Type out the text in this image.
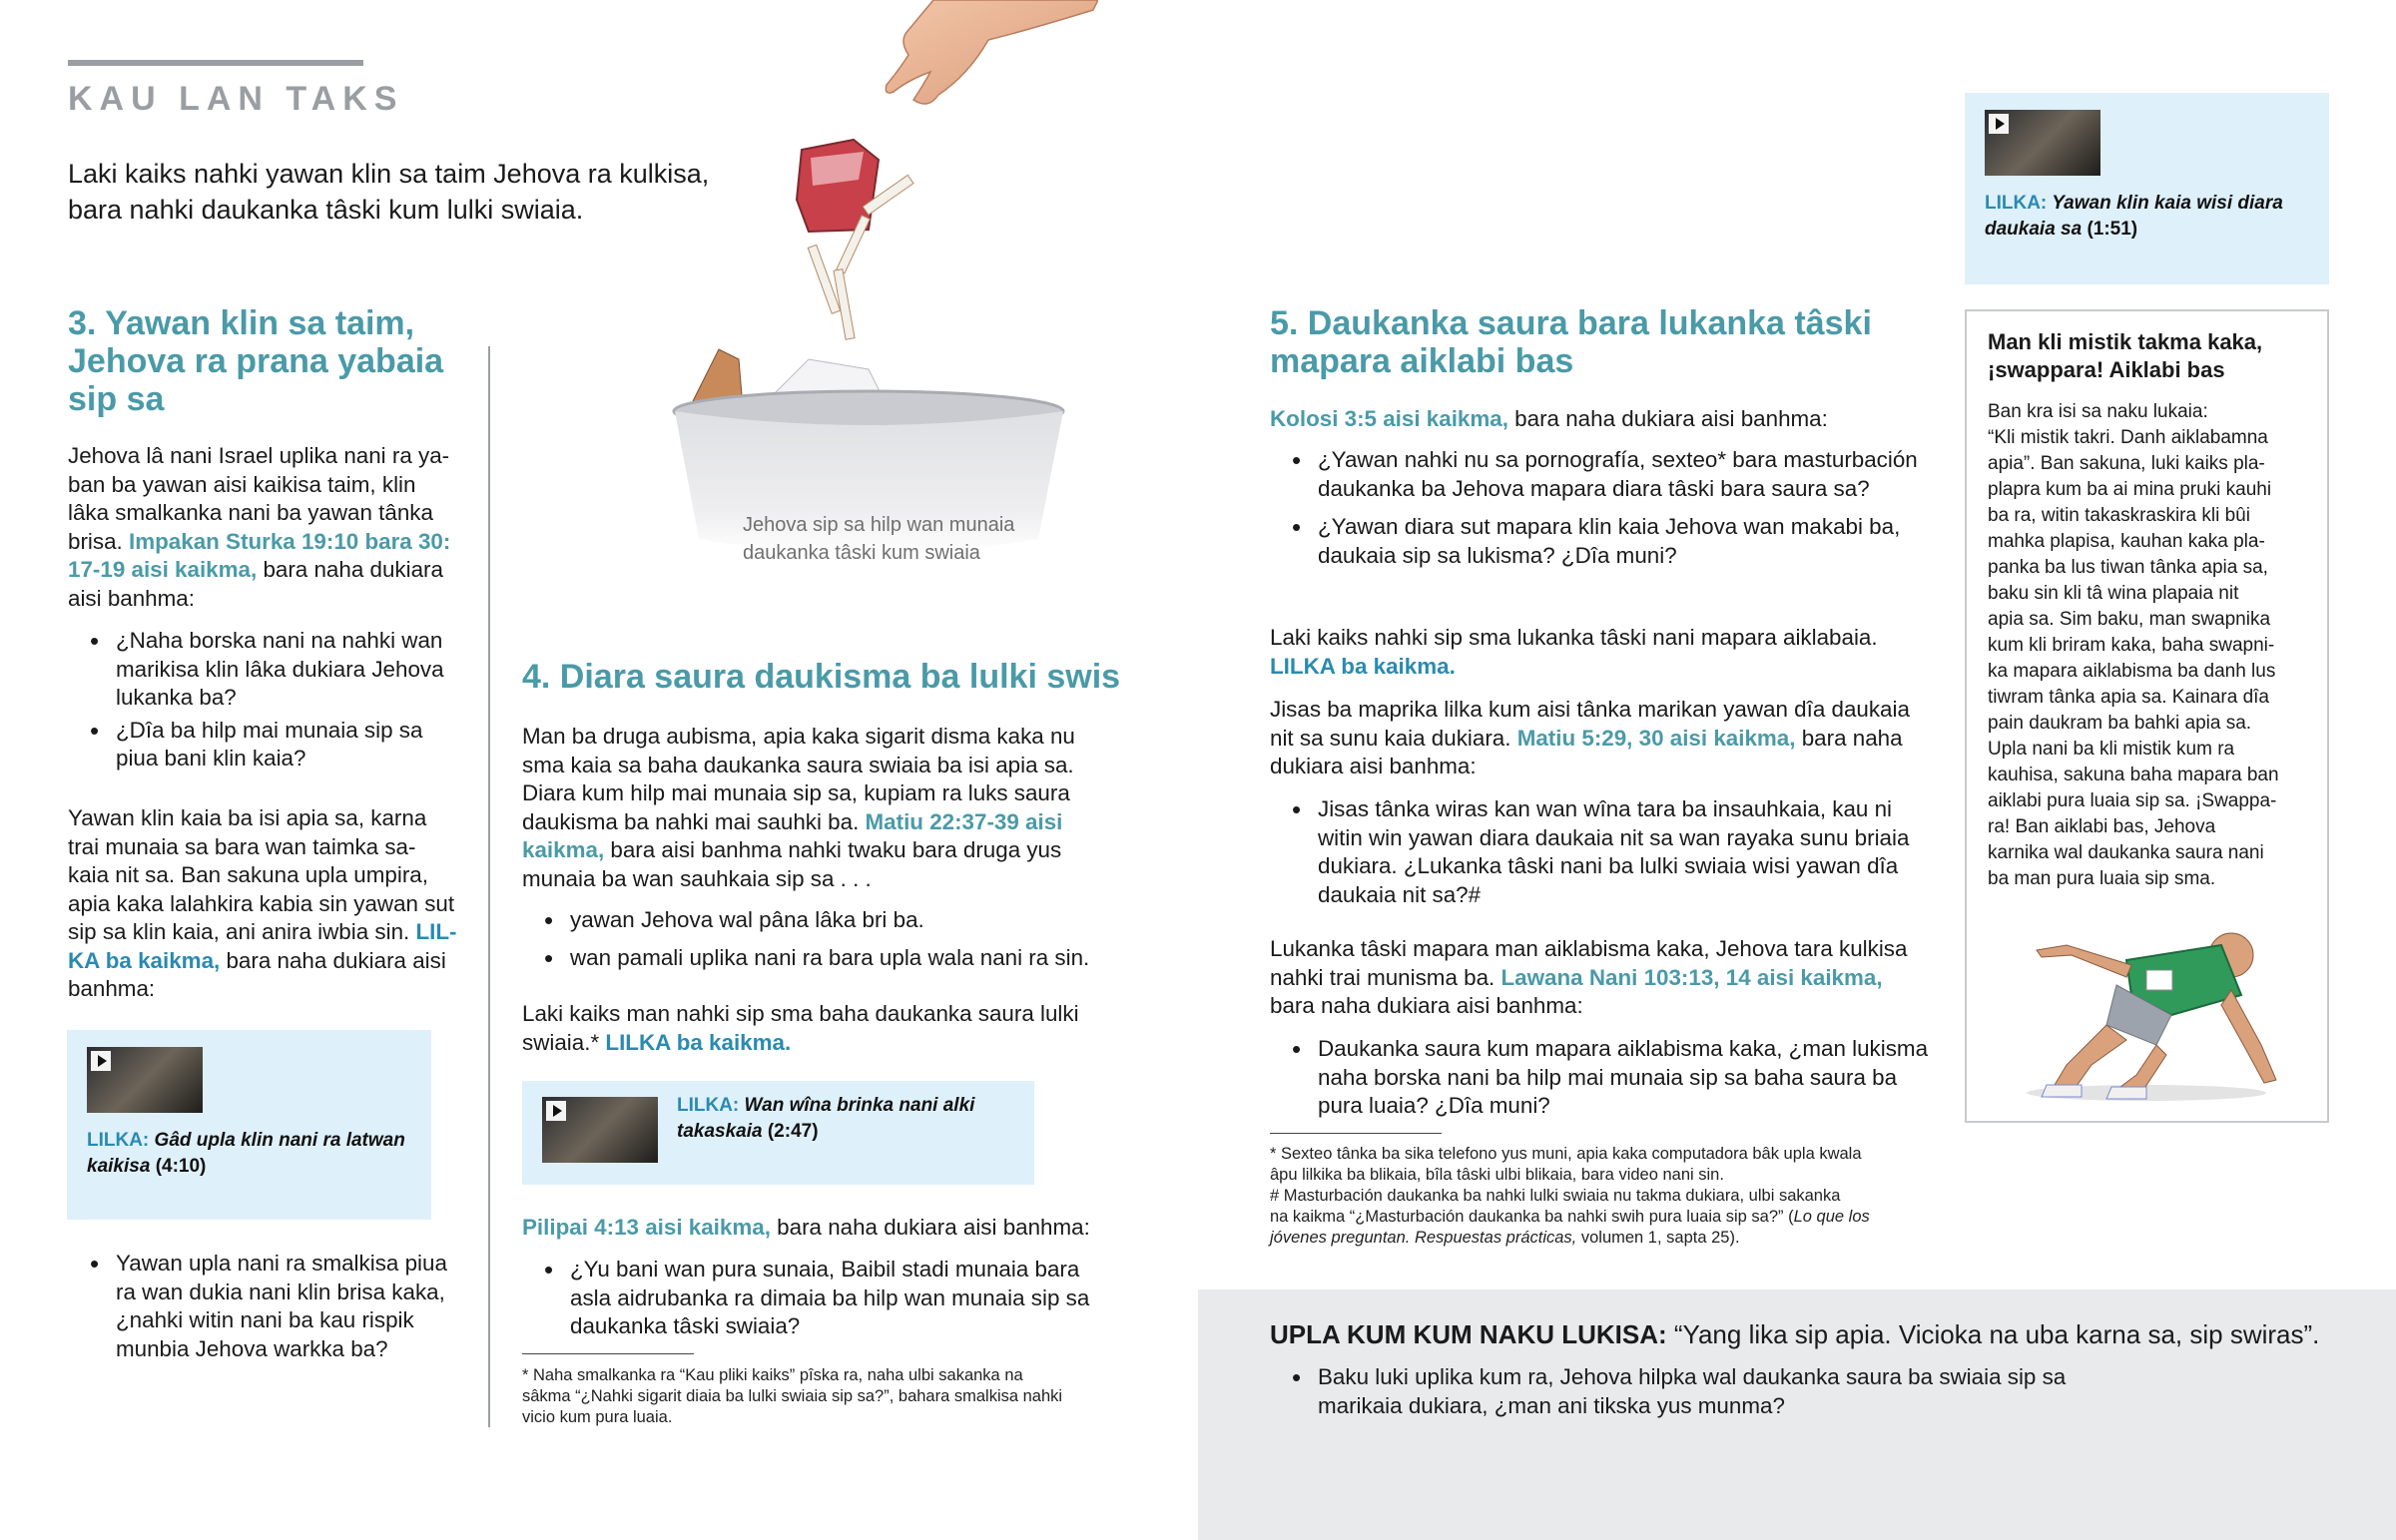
KAU LAN TAKS
Laki kaiks nahki yawan klin sa taim Jehova ra kulkisa,
bara nahki daukanka tâski kum lulki swiaia.
Jehova sip sa hilp wan munaia
daukanka tâski kum swiaia
3. Yawan klin sa taim,
Jehova ra prana yabaia
sip sa
Jehova lâ nani Israel uplika nani ra ya-
ban ba yawan aisi kaikisa taim, klin
lâka smalkanka nani ba yawan tânka
brisa. Impakan Sturka 19:10 bara 30:
17-19 aisi kaikma, bara naha dukiara
aisi banhma:
• ¿Naha borska nani na nahki wan marikisa klin lâka dukiara Jehova lukanka ba?
• ¿Dîa ba hilp mai munaia sip sa piua bani klin kaia?
Yawan klin kaia ba isi apia sa, karna
trai munaia sa bara wan taimka sa-
kaia nit sa. Ban sakuna upla umpira,
apia kaka lalahkira kabia sin yawan sut
sip sa klin kaia, ani anira iwbia sin. LIL-
KA ba kaikma, bara naha dukiara aisi
banhma:
LILKA: Gâd upla klin nani ra latwan
kaikisa (4:10)
• Yawan upla nani ra smalkisa piua ra wan dukia nani klin brisa kaka, ¿nahki witin nani ba kau rispik munbia Jehova warkka ba?
4. Diara saura daukisma ba lulki swis
Man ba druga aubisma, apia kaka sigarit disma kaka nu
sma kaia sa baha daukanka saura swiaia ba isi apia sa.
Diara kum hilp mai munaia sip sa, kupiam ra luks saura
daukisma ba nahki mai sauhki ba. Matiu 22:37-39 aisi
kaikma, bara aisi banhma nahki twaku bara druga yus
munaia ba wan sauhkaia sip sa . . .
• yawan Jehova wal pâna lâka bri ba.
• wan pamali uplika nani ra bara upla wala nani ra sin.
Laki kaiks man nahki sip sma baha daukanka saura lulki
swiaia.* LILKA ba kaikma.
LILKA: Wan wîna brinka nani alki
takaskaia (2:47)
Pilipai 4:13 aisi kaikma, bara naha dukiara aisi banhma:
• ¿Yu bani wan pura sunaia, Baibil stadi munaia bara asla aidrubanka ra dimaia ba hilp wan munaia sip sa daukanka tâski swiaia?
* Naha smalkanka ra “Kau pliki kaiks” pîska ra, naha ulbi sakanka na
sâkma “¿Nahki sigarit diaia ba lulki swiaia sip sa?”, bahara smalkisa nahki
vicio kum pura luaia.
5. Daukanka saura bara lukanka tâski
mapara aiklabi bas
Kolosi 3:5 aisi kaikma, bara naha dukiara aisi banhma:
• ¿Yawan nahki nu sa pornografía, sexteo* bara masturbación daukanka ba Jehova mapara diara tâski bara saura sa?
• ¿Yawan diara sut mapara klin kaia Jehova wan makabi ba, daukaia sip sa lukisma? ¿Dîa muni?
Laki kaiks nahki sip sma lukanka tâski nani mapara aiklabaia.
LILKA ba kaikma.
Jisas ba maprika lilka kum aisi tânka marikan yawan dîa daukaia
nit sa sunu kaia dukiara. Matiu 5:29, 30 aisi kaikma, bara naha
dukiara aisi banhma:
• Jisas tânka wiras kan wan wîna tara ba insauhkaia, kau ni witin win yawan diara daukaia nit sa wan rayaka sunu briaia dukiara. ¿Lukanka tâski nani ba lulki swiaia wisi yawan dîa daukaia nit sa?#
Lukanka tâski mapara man aiklabisma kaka, Jehova tara kulkisa
nahki trai munisma ba. Lawana Nani 103:13, 14 aisi kaikma,
bara naha dukiara aisi banhma:
• Daukanka saura kum mapara aiklabisma kaka, ¿man lukisma naha borska nani ba hilp mai munaia sip sa baha saura ba pura luaia? ¿Dîa muni?
* Sexteo tânka ba sika telefono yus muni, apia kaka computadora bâk upla kwala
âpu lilkika ba blikaia, bîla tâski ulbi blikaia, bara video nani sin.
# Masturbación daukanka ba nahki lulki swiaia nu takma dukiara, ulbi sakanka
na kaikma “¿Masturbación daukanka ba nahki swih pura luaia sip sa?” (Lo que los
jóvenes preguntan. Respuestas prácticas, volumen 1, sapta 25).
LILKA: Yawan klin kaia wisi diara
daukaia sa (1:51)
Man kli mistik takma kaka,
¡swappara! Aiklabi bas
Ban kra isi sa naku lukaia:
“Kli mistik takri. Danh aiklabamna
apia”. Ban sakuna, luki kaiks pla-
plapra kum ba ai mina pruki kauhi
ba ra, witin takaskraskira kli bûi
mahka plapisa, kauhan kaka pla-
panka ba lus tiwan tânka apia sa,
baku sin kli tâ wina plapaia nit
apia sa. Sim baku, man swapnika
kum kli briram kaka, baha swapni-
ka mapara aiklabisma ba danh lus
tiwram tânka apia sa. Kainara dîa
pain daukram ba bahki apia sa.
Upla nani ba kli mistik kum ra
kauhisa, sakuna baha mapara ban
aiklabi pura luaia sip sa. ¡Swappa-
ra! Ban aiklabi bas, Jehova
karnika wal daukanka saura nani
ba man pura luaia sip sma.
UPLA KUM KUM NAKU LUKISA: “Yang lika sip apia. Vicioka na uba karna sa, sip swiras”.
• Baku luki uplika kum ra, Jehova hilpka wal daukanka saura ba swiaia sip sa marikaia dukiara, ¿man ani tikska yus munma?
